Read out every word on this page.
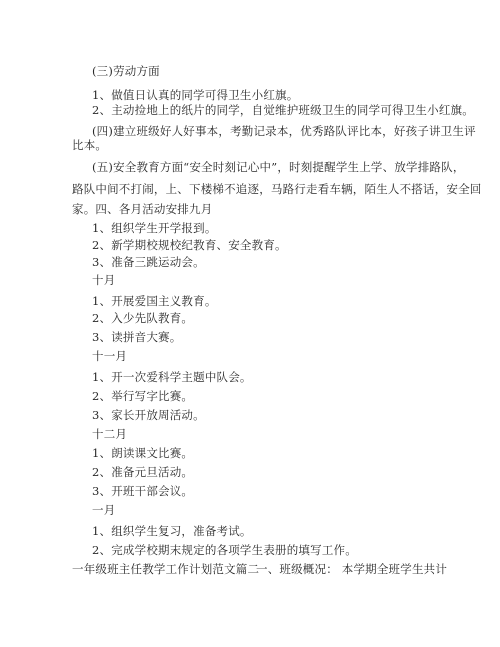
(三)劳动方面
1、做值日认真的同学可得卫生小红旗。
2、主动捡地上的纸片的同学，自觉维护班级卫生的同学可得卫生小红旗。
(四)建立班级好人好事本，考勤记录本，优秀路队评比本，好孩子讲卫生评
比本。
(五)安全教育方面“安全时刻记心中”，时刻提醒学生上学、放学排路队，
路队中间不打闹，上、下楼梯不追逐，马路行走看车辆，陌生人不搭话，安全回
家。四、各月活动安排九月
1、组织学生开学报到。
2、新学期校规校纪教育、安全教育。
3、准备三跳运动会。
十月
1、开展爱国主义教育。
2、入少先队教育。
3、读拼音大赛。
十一月
1、开一次爱科学主题中队会。
2、举行写字比赛。
3、家长开放周活动。
十二月
1、朗读课文比赛。
2、准备元旦活动。
3、开班干部会议。
一月
1、组织学生复习，准备考试。
2、完成学校期末规定的各项学生表册的填写工作。
一年级班主任教学工作计划范文篇二
一、班级概况： 本学期全班学生共计
